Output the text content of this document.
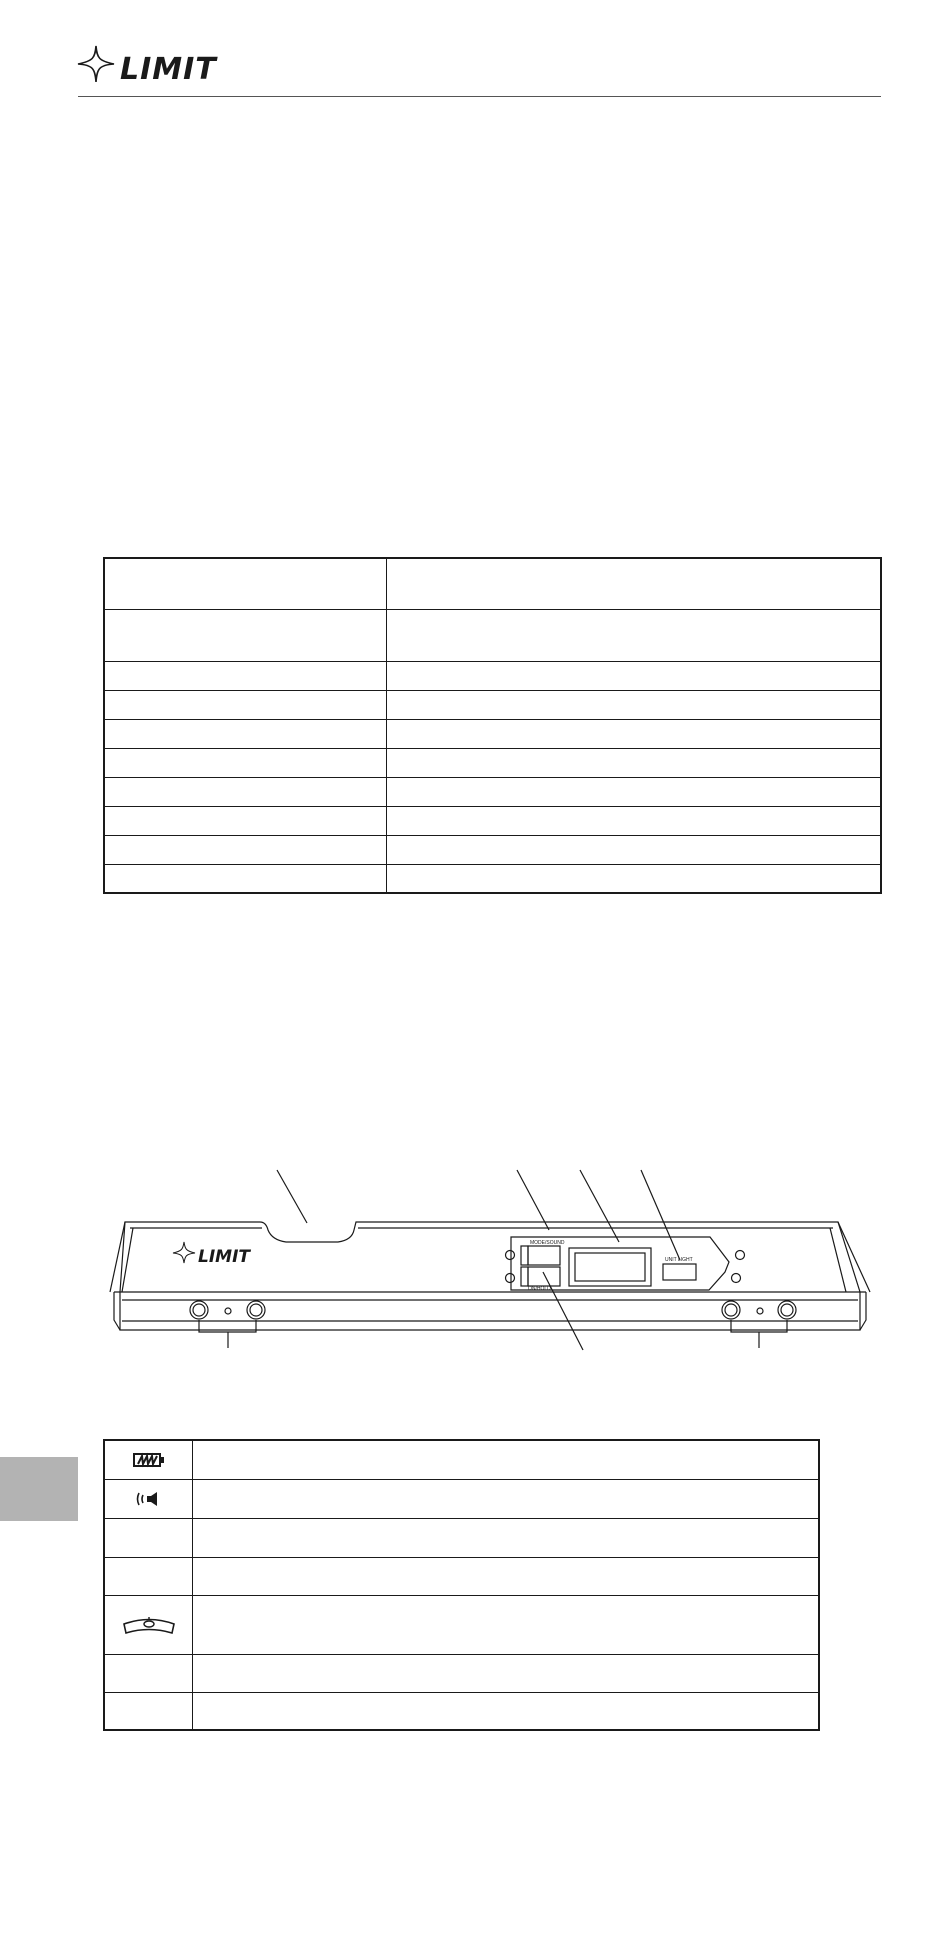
LIMIT

LIMIT
MODE/SOUND
ON/HOLD
UNIT LIGHT
